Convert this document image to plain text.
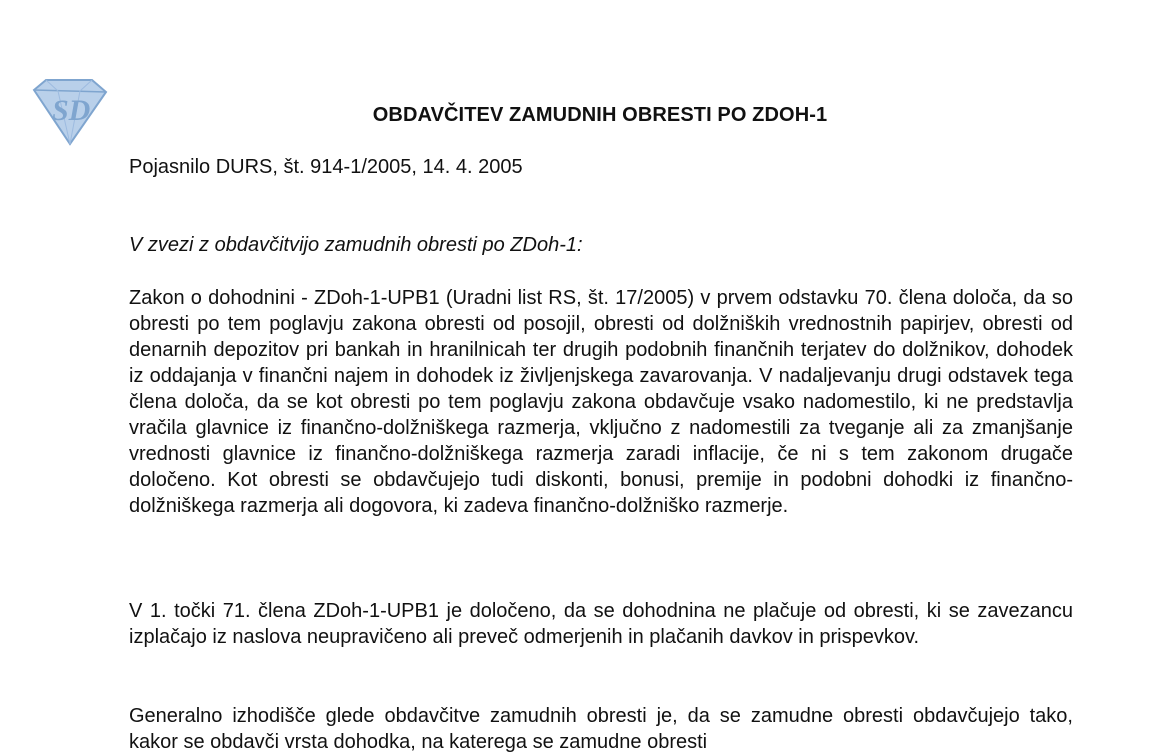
SD	OBDAVČITEV ZAMUDNIH OBRESTI PO ZDOH-1
Pojasnilo DURS, št. 914-1/2005, 14. 4. 2005
V zvezi z obdavčitvijo zamudnih obresti po ZDoh-1:
Zakon o dohodnini - ZDoh-1-UPB1 (Uradni list RS, št. 17/2005) v prvem odstavku 70. člena določa, da so obresti po tem poglavju zakona obresti od posojil, obresti od dolžniških vrednostnih papirjev, obresti od denarnih depozitov pri bankah in hranilnicah ter drugih podobnih finančnih terjatev do dolžnikov, dohodek iz oddajanja v finančni najem in dohodek iz življenjskega zavarovanja. V nadaljevanju drugi odstavek tega člena določa, da se kot obresti po tem poglavju zakona obdavčuje vsako nadomestilo, ki ne predstavlja vračila glavnice iz finančno-dolžniškega razmerja, vključno z nadomestili za tveganje ali za zmanjšanje vrednosti glavnice iz finančno-dolžniškega razmerja zaradi inflacije, če ni s tem zakonom drugače določeno. Kot obresti se obdavčujejo tudi diskonti, bonusi, premije in podobni dohodki iz finančno-dolžniškega razmerja ali dogovora, ki zadeva finančno-dolžniško razmerje.
V 1. točki 71. člena ZDoh-1-UPB1 je določeno, da se dohodnina ne plačuje od obresti, ki se zavezancu izplačajo iz naslova neupravičeno ali preveč odmerjenih in plačanih davkov in prispevkov.
Generalno izhodišče glede obdavčitve zamudnih obresti je, da se zamudne obresti obdavčujejo tako, kakor se obdavči vrsta dohodka, na katerega se zamudne obresti
